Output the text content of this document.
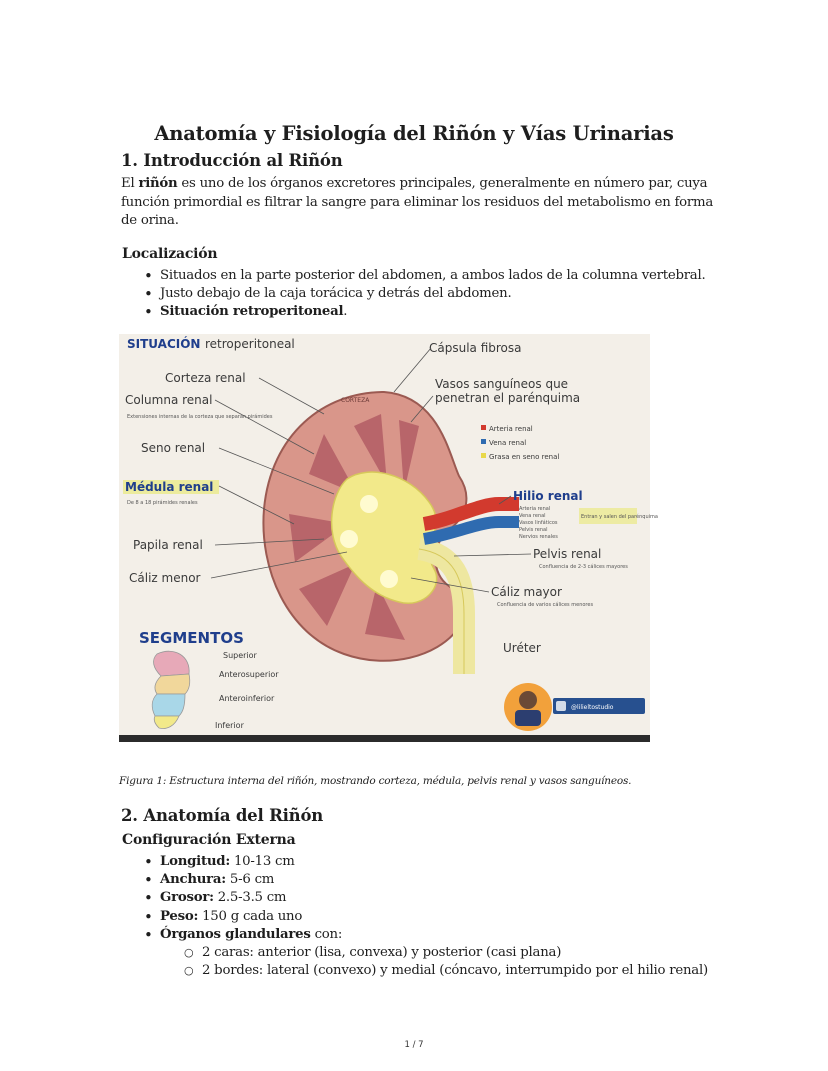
Anatomía y Fisiología del Riñón y Vías Urinarias
1. Introducción al Riñón
El riñón es uno de los órganos excretores principales, generalmente en número par, cuya función primordial es filtrar la sangre para eliminar los residuos del metabolismo en forma de orina.
Localización
• Situados en la parte posterior del abdomen, a ambos lados de la columna vertebral.
• Justo debajo de la caja torácica y detrás del abdomen.
• Situación retroperitoneal.
SITUACIÓN retroperitoneal	Cápsula fibrosa
Corteza renal
Columna renal
Extensiones internas de la corteza que separan pirámides
Vasos sanguíneos que
penetran el parénquima
CORTEZA
Arteria renal
Vena renal
Grasa en seno renal
Seno renal
Médula renal
De 8 a 18 pirámides renales
Papila renal
Cáliz menor
Hilio renal
Arteria renal
Vena renal
Vasos linfáticos
Pelvis renal
Nervios renales
Entran y salen del parénquima
Pelvis renal
Confluencia de 2-3 cálices mayores
Cáliz mayor
Confluencia de varios cálices menores
Uréter
SEGMENTOS
Superior
Anterosuperior
Anteroinferior
Inferior
@lilieltostudio
Figura 1: Estructura interna del riñón, mostrando corteza, médula, pelvis renal y vasos sanguíneos.
2. Anatomía del Riñón
Configuración Externa
• Longitud: 10-13 cm
• Anchura: 5-6 cm
• Grosor: 2.5-3.5 cm
• Peso: 150 g cada uno
• Órganos glandulares con:
○ 2 caras: anterior (lisa, convexa) y posterior (casi plana)
○ 2 bordes: lateral (convexo) y medial (cóncavo, interrumpido por el hilio renal)
1 / 7
